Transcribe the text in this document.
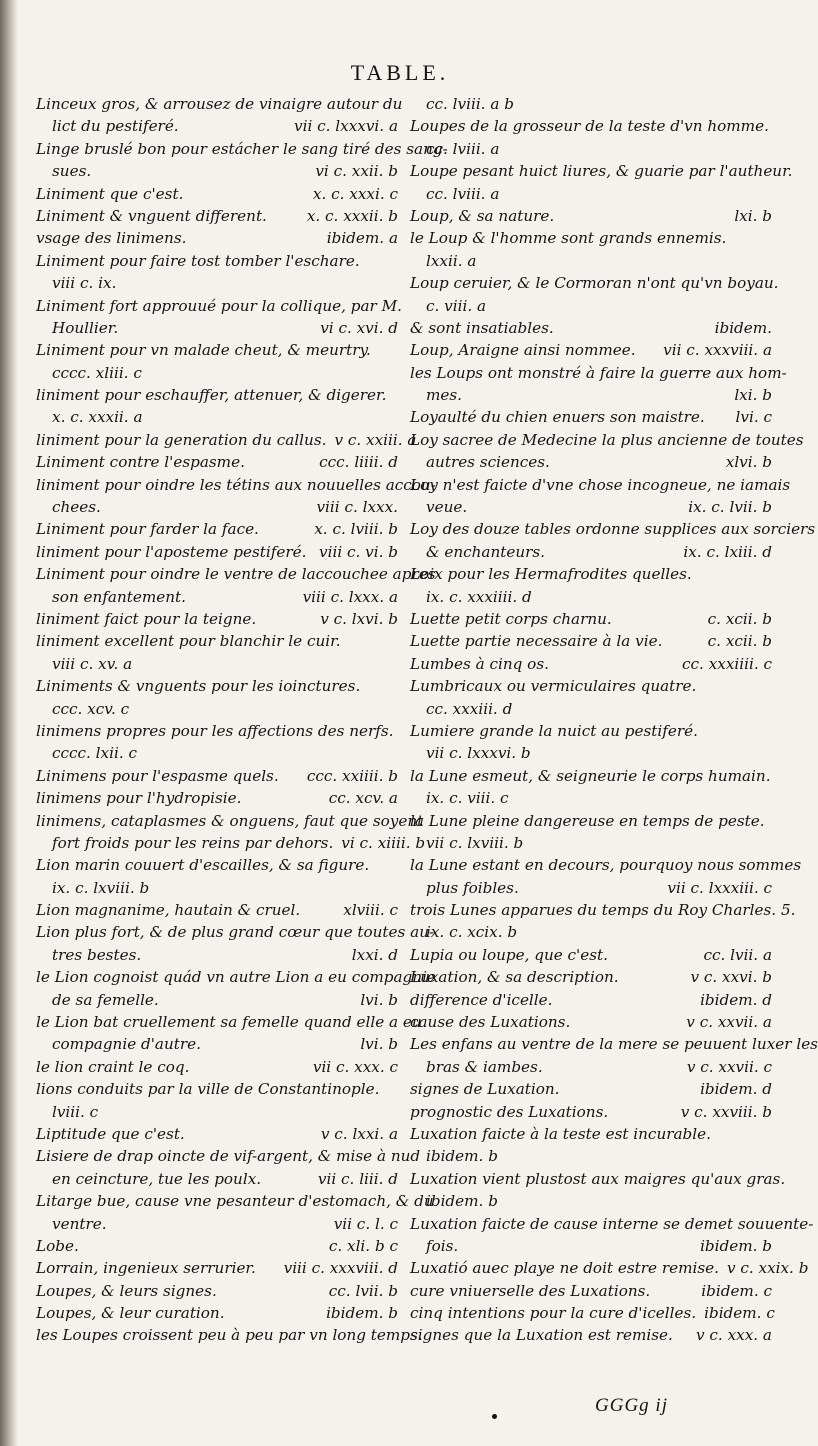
TABLE.
Linceux gros, & arrousez de vinaigre autour du
lict du pestiferé.	vii c. lxxxvi. a
Linge bruslé bon pour estácher le sang tiré des sang-
sues.	vi c. xxii. b
Liniment que c'est.	x. c. xxxi. c
Liniment & vnguent different.	x. c. xxxii. b
vsage des linimens.	ibidem. a
Liniment pour faire tost tomber l'eschare.
viii c. ix.
Liniment fort approuué pour la collique, par M.
Houllier.	vi c. xvi. d
Liniment pour vn malade cheut, & meurtry.
cccc. xliii. c
liniment pour eschauffer, attenuer, & digerer.
x. c. xxxii. a
liniment pour la generation du callus. v c. xxiii. a
Liniment contre l'espasme.	ccc. liiii. d
liniment pour oindre les tétins aux nouuelles accou-
chees.	viii c. lxxx.
Liniment pour farder la face.	x. c. lviii. b
liniment pour l'aposteme pestiferé. viii c. vi. b
Liniment pour oindre le ventre de laccouchee apres
son enfantement.	viii c. lxxx. a
liniment faict pour la teigne.	v c. lxvi. b
liniment excellent pour blanchir le cuir.
viii c. xv. a
Liniments & vnguents pour les ioinctures.
ccc. xcv. c
linimens propres pour les affections des nerfs.
cccc. lxii. c
Linimens pour l'espasme quels.	ccc. xxiiii. b
linimens pour l'hydropisie.	cc. xcv. a
linimens, cataplasmes & onguens, faut que soyent
fort froids pour les reins par dehors. vi c. xiiii. b
Lion marin couuert d'escailles, & sa figure.
ix. c. lxviii. b
Lion magnanime, hautain & cruel.	xlviii. c
Lion plus fort, & de plus grand cœur que toutes au-
tres bestes.	lxxi. d
le Lion cognoist quád vn autre Lion a eu compagnie
de sa femelle.	lvi. b
le Lion bat cruellement sa femelle quand elle a eu
compagnie d'autre.	lvi. b
le lion craint le coq.	vii c. xxx. c
lions conduits par la ville de Constantinople.
lviii. c
Liptitude que c'est.	v c. lxxi. a
Lisiere de drap oincte de vif-argent, & mise à nud
en ceincture, tue les poulx.	vii c. liii. d
Litarge bue, cause vne pesanteur d'estomach, & du
ventre.	vii c. l. c
Lobe.	c. xli. b c
Lorrain, ingenieux serrurier.	viii c. xxxviii. d
Loupes, & leurs signes.	cc. lvii. b
Loupes, & leur curation.	ibidem. b
les Loupes croissent peu à peu par vn long temps.
cc. lviii. a b
Loupes de la grosseur de la teste d'vn homme.
cc. lviii. a
Loupe pesant huict liures, & guarie par l'autheur.
cc. lviii. a
Loup, & sa nature.	lxi. b
le Loup & l'homme sont grands ennemis.
lxxii. a
Loup ceruier, & le Cormoran n'ont qu'vn boyau.
c. viii. a
& sont insatiables.	ibidem.
Loup, Araigne ainsi nommee.	vii c. xxxviii. a
les Loups ont monstré à faire la guerre aux hom-
mes.	lxi. b
Loyaulté du chien enuers son maistre.	lvi. c
Loy sacree de Medecine la plus ancienne de toutes
autres sciences.	xlvi. b
Loy n'est faicte d'vne chose incogneue, ne iamais
veue.	ix. c. lvii. b
Loy des douze tables ordonne supplices aux sorciers
& enchanteurs.	ix. c. lxiii. d
Loix pour les Hermafrodites quelles.
ix. c. xxxiiii. d
Luette petit corps charnu.	c. xcii. b
Luette partie necessaire à la vie.	c. xcii. b
Lumbes à cinq os.	cc. xxxiiii. c
Lumbricaux ou vermiculaires quatre.
cc. xxxiii. d
Lumiere grande la nuict au pestiferé.
vii c. lxxxvi. b
la Lune esmeut, & seigneurie le corps humain.
ix. c. viii. c
la Lune pleine dangereuse en temps de peste.
vii c. lxviii. b
la Lune estant en decours, pourquoy nous sommes
plus foibles.	vii c. lxxxiii. c
trois Lunes apparues du temps du Roy Charles. 5.
ix. c. xcix. b
Lupia ou loupe, que c'est.	cc. lvii. a
Luxation, & sa description.	v c. xxvi. b
difference d'icelle.	ibidem. d
cause des Luxations.	v c. xxvii. a
Les enfans au ventre de la mere se peuuent luxer les
bras & iambes.	v c. xxvii. c
signes de Luxation.	ibidem. d
prognostic des Luxations.	v c. xxviii. b
Luxation faicte à la teste est incurable.
ibidem. b
Luxation vient plustost aux maigres qu'aux gras.
ibidem. b
Luxation faicte de cause interne se demet souuente-
fois.	ibidem. b
Luxatió auec playe ne doit estre remise. v c. xxix. b
cure vniuerselle des Luxations.	ibidem. c
cinq intentions pour la cure d'icelles. ibidem. c
signes que la Luxation est remise.	v c. xxx. a
GGGg ij
